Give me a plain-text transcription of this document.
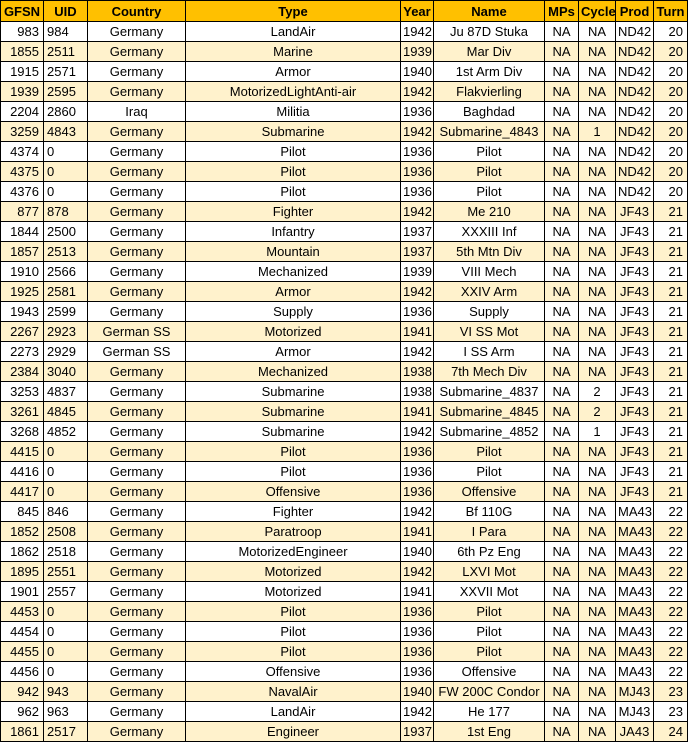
GFSN	UID	Country	Type	Year	Name	MPs	Cycle	Prod	Turn
983	984	Germany	LandAir	1942	Ju 87D Stuka	NA	NA	ND42	20
1855	2511	Germany	Marine	1939	Mar Div	NA	NA	ND42	20
1915	2571	Germany	Armor	1940	1st Arm Div	NA	NA	ND42	20
1939	2595	Germany	MotorizedLightAnti-air	1942	Flakvierling	NA	NA	ND42	20
2204	2860	Iraq	Militia	1936	Baghdad	NA	NA	ND42	20
3259	4843	Germany	Submarine	1942	Submarine_4843	NA	1	ND42	20
4374	0	Germany	Pilot	1936	Pilot	NA	NA	ND42	20
4375	0	Germany	Pilot	1936	Pilot	NA	NA	ND42	20
4376	0	Germany	Pilot	1936	Pilot	NA	NA	ND42	20
877	878	Germany	Fighter	1942	Me 210	NA	NA	JF43	21
1844	2500	Germany	Infantry	1937	XXXIII Inf	NA	NA	JF43	21
1857	2513	Germany	Mountain	1937	5th Mtn Div	NA	NA	JF43	21
1910	2566	Germany	Mechanized	1939	VIII Mech	NA	NA	JF43	21
1925	2581	Germany	Armor	1942	XXIV Arm	NA	NA	JF43	21
1943	2599	Germany	Supply	1936	Supply	NA	NA	JF43	21
2267	2923	German SS	Motorized	1941	VI SS Mot	NA	NA	JF43	21
2273	2929	German SS	Armor	1942	I SS Arm	NA	NA	JF43	21
2384	3040	Germany	Mechanized	1938	7th Mech Div	NA	NA	JF43	21
3253	4837	Germany	Submarine	1938	Submarine_4837	NA	2	JF43	21
3261	4845	Germany	Submarine	1941	Submarine_4845	NA	2	JF43	21
3268	4852	Germany	Submarine	1942	Submarine_4852	NA	1	JF43	21
4415	0	Germany	Pilot	1936	Pilot	NA	NA	JF43	21
4416	0	Germany	Pilot	1936	Pilot	NA	NA	JF43	21
4417	0	Germany	Offensive	1936	Offensive	NA	NA	JF43	21
845	846	Germany	Fighter	1942	Bf 110G	NA	NA	MA43	22
1852	2508	Germany	Paratroop	1941	I Para	NA	NA	MA43	22
1862	2518	Germany	MotorizedEngineer	1940	6th Pz Eng	NA	NA	MA43	22
1895	2551	Germany	Motorized	1942	LXVI Mot	NA	NA	MA43	22
1901	2557	Germany	Motorized	1941	XXVII Mot	NA	NA	MA43	22
4453	0	Germany	Pilot	1936	Pilot	NA	NA	MA43	22
4454	0	Germany	Pilot	1936	Pilot	NA	NA	MA43	22
4455	0	Germany	Pilot	1936	Pilot	NA	NA	MA43	22
4456	0	Germany	Offensive	1936	Offensive	NA	NA	MA43	22
942	943	Germany	NavalAir	1940	FW 200C Condor	NA	NA	MJ43	23
962	963	Germany	LandAir	1942	He 177	NA	NA	MJ43	23
1861	2517	Germany	Engineer	1937	1st Eng	NA	NA	JA43	24
